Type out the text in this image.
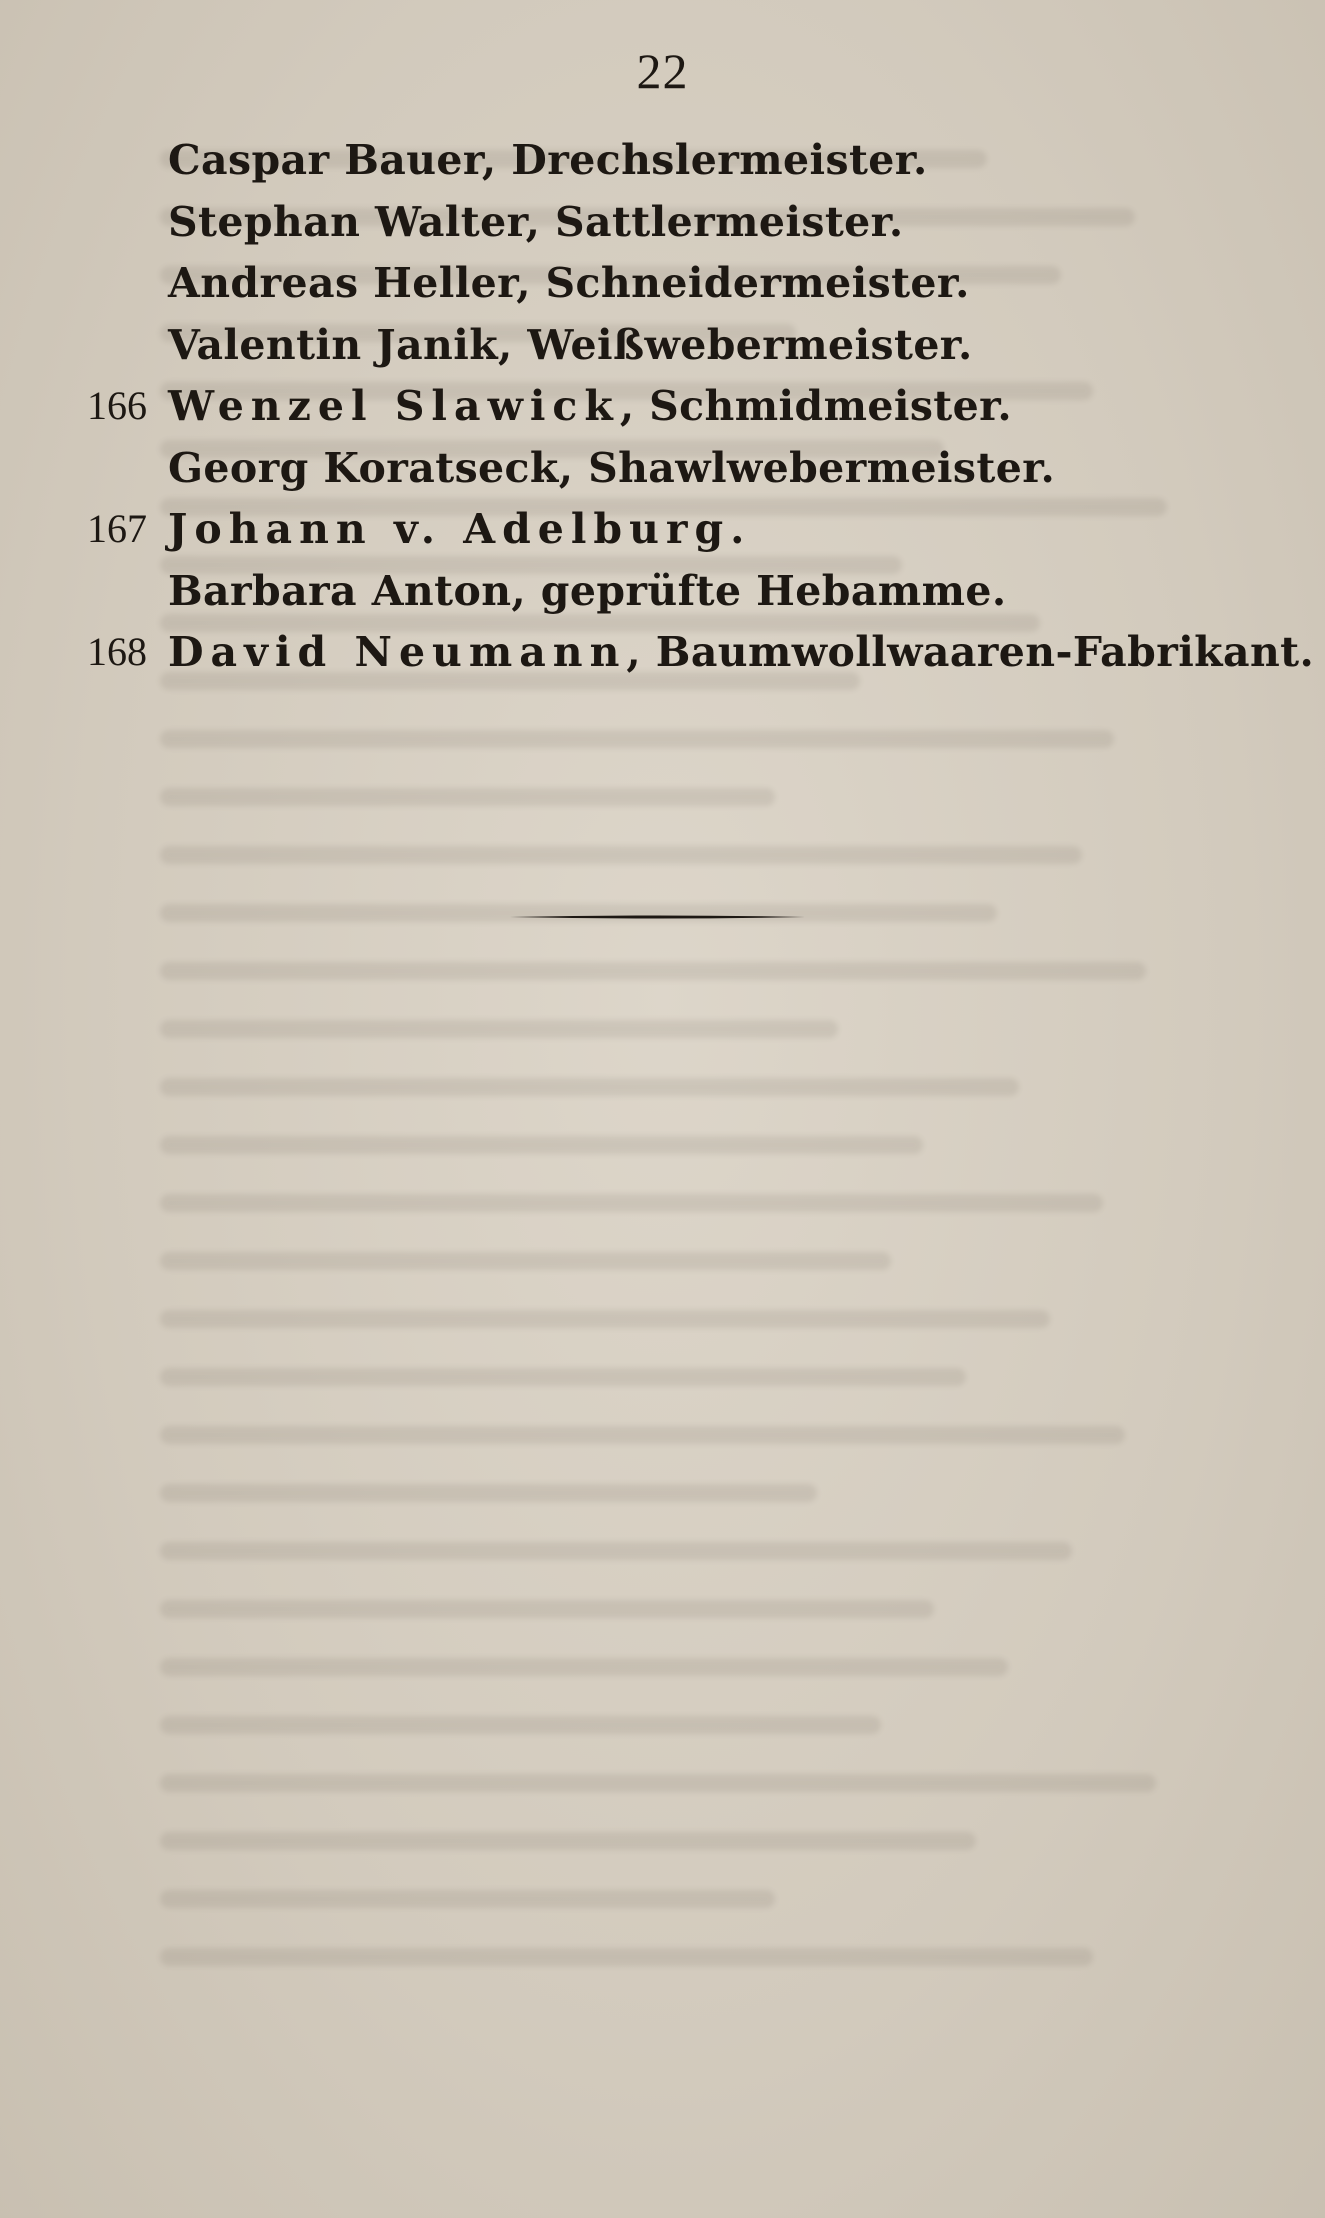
22
Caspar Bauer, Drechslermeister.
Stephan Walter, Sattlermeister.
Andreas Heller, Schneidermeister.
Valentin Janik, Weißwebermeister.
166 Wenzel Slawick, Schmidmeister.
Georg Koratseck, Shawlwebermeister.
167 Johann v. Adelburg.
Barbara Anton, geprüfte Hebamme.
168 David Neumann, Baumwollwaaren-Fabrikant.
